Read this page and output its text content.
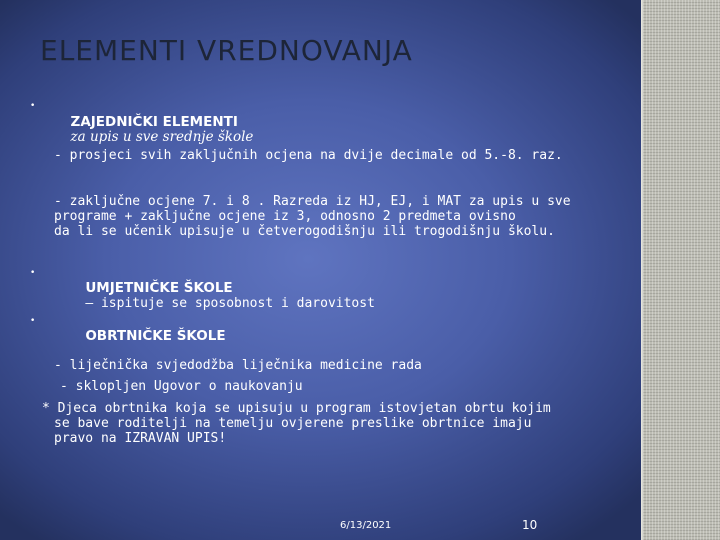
ELEMENTI VREDNOVANJA
•

ZAJEDNIČKI ELEMENTI
za upis u sve srednje škole

- prosjeci svih zaključnih ocjena na dvije decimale od 5.-8. raz.
- zaključne ocjene 7. i 8 . Razreda iz HJ, EJ, i MAT za upis u sve
programe + zaključne ocjene iz 3, odnosno 2 predmeta ovisno
da li se učenik upisuje u četverogodišnju ili trogodišnju školu.
•

UMJETNIČKE ŠKOLE
– ispituje se sposobnost i darovitost

•

OBRTNIČKE ŠKOLE

- liječnička svjedodžba liječnika medicine rada
- sklopljen Ugovor o naukovanju
* Djeca obrtnika koja se upisuju u program istovjetan obrtu kojim
se bave roditelji na temelju ovjerene preslike obrtnice imaju
pravo na IZRAVAN UPIS!
6/13/2021	10
